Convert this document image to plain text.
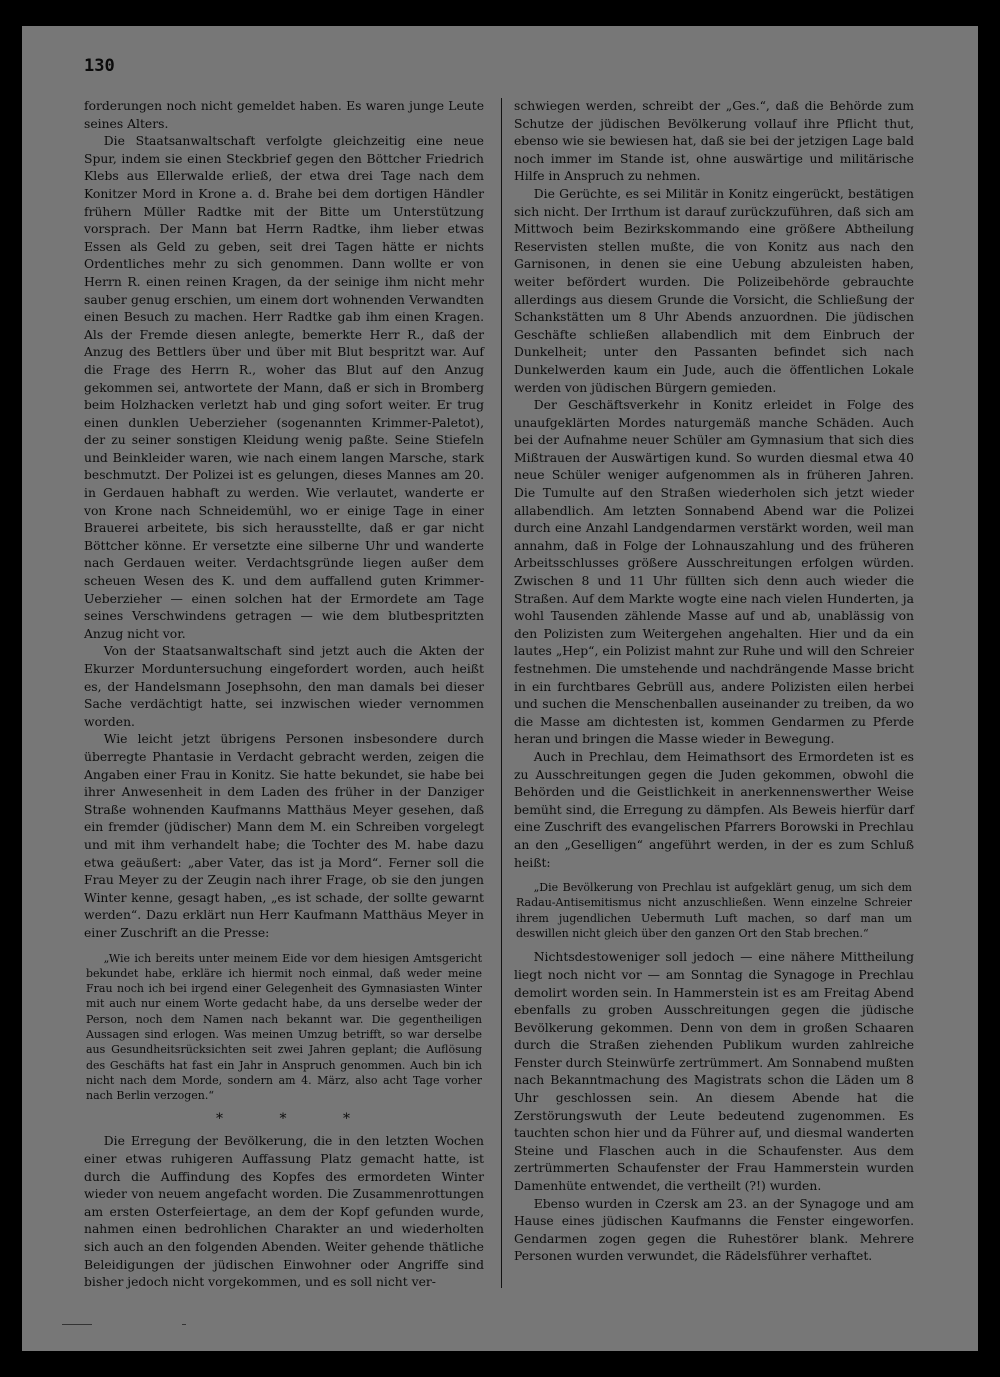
130

forderungen noch nicht gemeldet haben. Es waren junge Leute seines Alters.

Die Staatsanwaltschaft verfolgte gleichzeitig eine neue Spur, indem sie einen Steckbrief gegen den Böttcher Friedrich Klebs aus Ellerwalde erließ, der etwa drei Tage nach dem Konitzer Mord in Krone a. d. Brahe bei dem dortigen Händler frühern Müller Radtke mit der Bitte um Unterstützung vorsprach. Der Mann bat Herrn Radtke, ihm lieber etwas Essen als Geld zu geben, seit drei Tagen hätte er nichts Ordentliches mehr zu sich genommen. Dann wollte er von Herrn R. einen reinen Kragen, da der seinige ihm nicht mehr sauber genug erschien, um einem dort wohnenden Verwandten einen Besuch zu machen. Herr Radtke gab ihm einen Kragen. Als der Fremde diesen anlegte, bemerkte Herr R., daß der Anzug des Bettlers über und über mit Blut bespritzt war. Auf die Frage des Herrn R., woher das Blut auf den Anzug gekommen sei, antwortete der Mann, daß er sich in Bromberg beim Holzhacken verletzt hab und ging sofort weiter. Er trug einen dunklen Ueberzieher (sogenannten Krimmer-Paletot), der zu seiner sonstigen Kleidung wenig paßte. Seine Stiefeln und Beinkleider waren, wie nach einem langen Marsche, stark beschmutzt. Der Polizei ist es gelungen, dieses Mannes am 20. in Gerdauen habhaft zu werden. Wie verlautet, wanderte er von Krone nach Schneidemühl, wo er einige Tage in einer Brauerei arbeitete, bis sich herausstellte, daß er gar nicht Böttcher könne. Er versetzte eine silberne Uhr und wanderte nach Gerdauen weiter. Verdachtsgründe liegen außer dem scheuen Wesen des K. und dem auffallend guten Krimmer-Ueberzieher — einen solchen hat der Ermordete am Tage seines Verschwindens getragen — wie dem blutbespritzten Anzug nicht vor.

Von der Staatsanwaltschaft sind jetzt auch die Akten der Ekurzer Morduntersuchung eingefordert worden, auch heißt es, der Handelsmann Josephsohn, den man damals bei dieser Sache verdächtigt hatte, sei inzwischen wieder vernommen worden.

Wie leicht jetzt übrigens Personen insbesondere durch überregte Phantasie in Verdacht gebracht werden, zeigen die Angaben einer Frau in Konitz. Sie hatte bekundet, sie habe bei ihrer Anwesenheit in dem Laden des früher in der Danziger Straße wohnenden Kaufmanns Matthäus Meyer gesehen, daß ein fremder (jüdischer) Mann dem M. ein Schreiben vorgelegt und mit ihm verhandelt habe; die Tochter des M. habe dazu etwa geäußert: „aber Vater, das ist ja Mord“. Ferner soll die Frau Meyer zu der Zeugin nach ihrer Frage, ob sie den jungen Winter kenne, gesagt haben, „es ist schade, der sollte gewarnt werden“. Dazu erklärt nun Herr Kaufmann Matthäus Meyer in einer Zuschrift an die Presse:

„Wie ich bereits unter meinem Eide vor dem hiesigen Amtsgericht bekundet habe, erkläre ich hiermit noch einmal, daß weder meine Frau noch ich bei irgend einer Gelegenheit des Gymnasiasten Winter mit auch nur einem Worte gedacht habe, da uns derselbe weder der Person, noch dem Namen nach bekannt war. Die gegentheiligen Aussagen sind erlogen. Was meinen Umzug betrifft, so war derselbe aus Gesundheitsrücksichten seit zwei Jahren geplant; die Auflösung des Geschäfts hat fast ein Jahr in Anspruch genommen. Auch bin ich nicht nach dem Morde, sondern am 4. März, also acht Tage vorher nach Berlin verzogen.“

* * *

Die Erregung der Bevölkerung, die in den letzten Wochen einer etwas ruhigeren Auffassung Platz gemacht hatte, ist durch die Auffindung des Kopfes des ermordeten Winter wieder von neuem angefacht worden. Die Zusammenrottungen am ersten Osterfeiertage, an dem der Kopf gefunden wurde, nahmen einen bedrohlichen Charakter an und wiederholten sich auch an den folgenden Abenden. Weiter gehende thätliche Beleidigungen der jüdischen Einwohner oder Angriffe sind bisher jedoch nicht vorgekommen, und es soll nicht ver-

schwiegen werden, schreibt der „Ges.“, daß die Behörde zum Schutze der jüdischen Bevölkerung vollauf ihre Pflicht thut, ebenso wie sie bewiesen hat, daß sie bei der jetzigen Lage bald noch immer im Stande ist, ohne auswärtige und militärische Hilfe in Anspruch zu nehmen.

Die Gerüchte, es sei Militär in Konitz eingerückt, bestätigen sich nicht. Der Irrthum ist darauf zurückzuführen, daß sich am Mittwoch beim Bezirkskommando eine größere Abtheilung Reservisten stellen mußte, die von Konitz aus nach den Garnisonen, in denen sie eine Uebung abzuleisten haben, weiter befördert wurden. Die Polizeibehörde gebrauchte allerdings aus diesem Grunde die Vorsicht, die Schließung der Schankstätten um 8 Uhr Abends anzuordnen. Die jüdischen Geschäfte schließen allabendlich mit dem Einbruch der Dunkelheit; unter den Passanten befindet sich nach Dunkelwerden kaum ein Jude, auch die öffentlichen Lokale werden von jüdischen Bürgern gemieden.

Der Geschäftsverkehr in Konitz erleidet in Folge des unaufgeklärten Mordes naturgemäß manche Schäden. Auch bei der Aufnahme neuer Schüler am Gymnasium that sich dies Mißtrauen der Auswärtigen kund. So wurden diesmal etwa 40 neue Schüler weniger aufgenommen als in früheren Jahren. Die Tumulte auf den Straßen wiederholen sich jetzt wieder allabendlich. Am letzten Sonnabend Abend war die Polizei durch eine Anzahl Landgendarmen verstärkt worden, weil man annahm, daß in Folge der Lohnauszahlung und des früheren Arbeitsschlusses größere Ausschreitungen erfolgen würden. Zwischen 8 und 11 Uhr füllten sich denn auch wieder die Straßen. Auf dem Markte wogte eine nach vielen Hunderten, ja wohl Tausenden zählende Masse auf und ab, unablässig von den Polizisten zum Weitergehen angehalten. Hier und da ein lautes „Hep“, ein Polizist mahnt zur Ruhe und will den Schreier festnehmen. Die umstehende und nachdrängende Masse bricht in ein furchtbares Gebrüll aus, andere Polizisten eilen herbei und suchen die Menschenballen auseinander zu treiben, da wo die Masse am dichtesten ist, kommen Gendarmen zu Pferde heran und bringen die Masse wieder in Bewegung.

Auch in Prechlau, dem Heimathsort des Ermordeten ist es zu Ausschreitungen gegen die Juden gekommen, obwohl die Behörden und die Geistlichkeit in anerkennenswerther Weise bemüht sind, die Erregung zu dämpfen. Als Beweis hierfür darf eine Zuschrift des evangelischen Pfarrers Borowski in Prechlau an den „Geselligen“ angeführt werden, in der es zum Schluß heißt:

„Die Bevölkerung von Prechlau ist aufgeklärt genug, um sich dem Radau-Antisemitismus nicht anzuschließen. Wenn einzelne Schreier ihrem jugendlichen Uebermuth Luft machen, so darf man um deswillen nicht gleich über den ganzen Ort den Stab brechen.“

Nichtsdestoweniger soll jedoch — eine nähere Mittheilung liegt noch nicht vor — am Sonntag die Synagoge in Prechlau demolirt worden sein. In Hammerstein ist es am Freitag Abend ebenfalls zu groben Ausschreitungen gegen die jüdische Bevölkerung gekommen. Denn von dem in großen Schaaren durch die Straßen ziehenden Publikum wurden zahlreiche Fenster durch Steinwürfe zertrümmert. Am Sonnabend mußten nach Bekanntmachung des Magistrats schon die Läden um 8 Uhr geschlossen sein. An diesem Abende hat die Zerstörungswuth der Leute bedeutend zugenommen. Es tauchten schon hier und da Führer auf, und diesmal wanderten Steine und Flaschen auch in die Schaufenster. Aus dem zertrümmerten Schaufenster der Frau Hammerstein wurden Damenhüte entwendet, die vertheilt (?!) wurden.

Ebenso wurden in Czersk am 23. an der Synagoge und am Hause eines jüdischen Kaufmanns die Fenster eingeworfen. Gendarmen zogen gegen die Ruhestörer blank. Mehrere Personen wurden verwundet, die Rädelsführer verhaftet.
